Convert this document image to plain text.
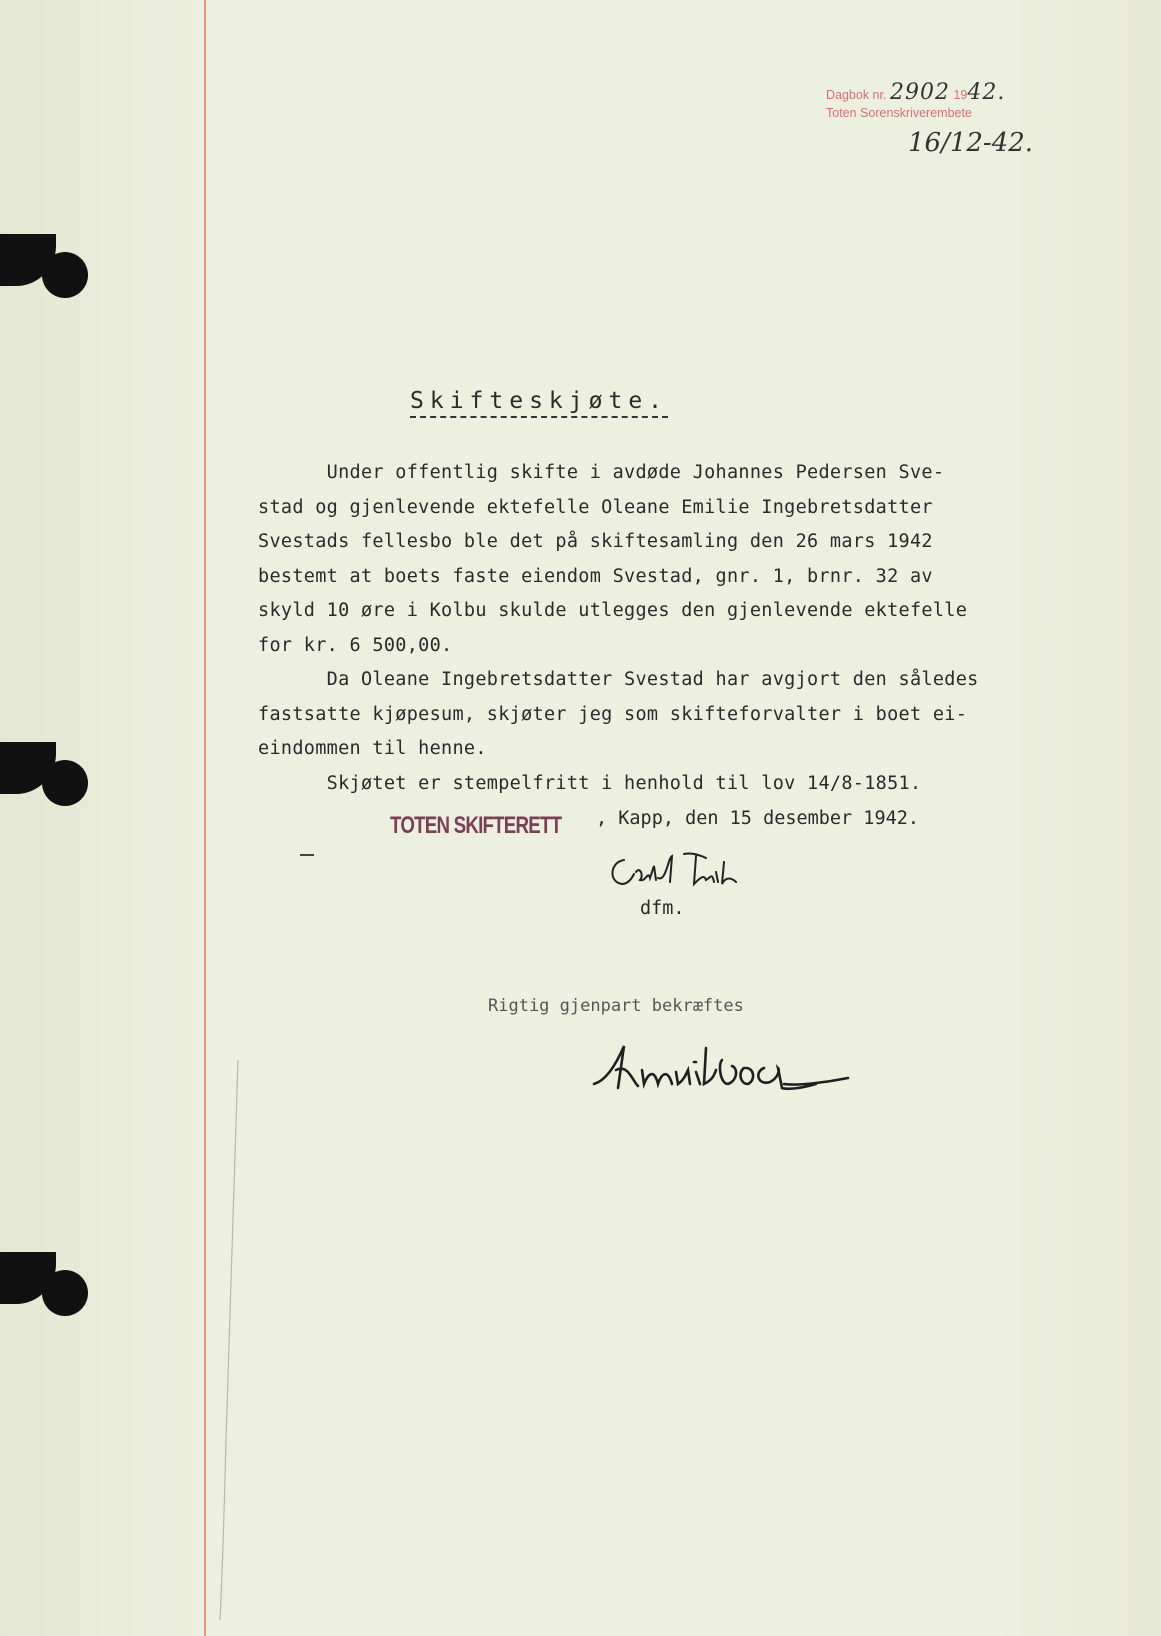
Dagbok nr. 2902 1942.
Toten Sorenskriverembete
16/12-42.
Skifteskjøte.

Under offentlig skifte i avdøde Johannes Pedersen Sve-

stad og gjenlevende ektefelle Oleane Emilie Ingebretsdatter

Svestads fellesbo ble det på skiftesamling den 26 mars 1942

bestemt at boets faste eiendom Svestad, gnr. 1, brnr. 32 av

skyld 10 øre i Kolbu skulde utlegges den gjenlevende ektefelle

for kr. 6 500,00.

Da Oleane Ingebretsdatter Svestad har avgjort den således

fastsatte kjøpesum, skjøter jeg som skifteforvalter i boet ei-

eindommen til henne.

Skjøtet er stempelfritt i henhold til lov 14/8-1851.

TOTEN SKIFTERETT , Kapp, den 15 desember 1942.
dfm.
Rigtig gjenpart bekræftes
